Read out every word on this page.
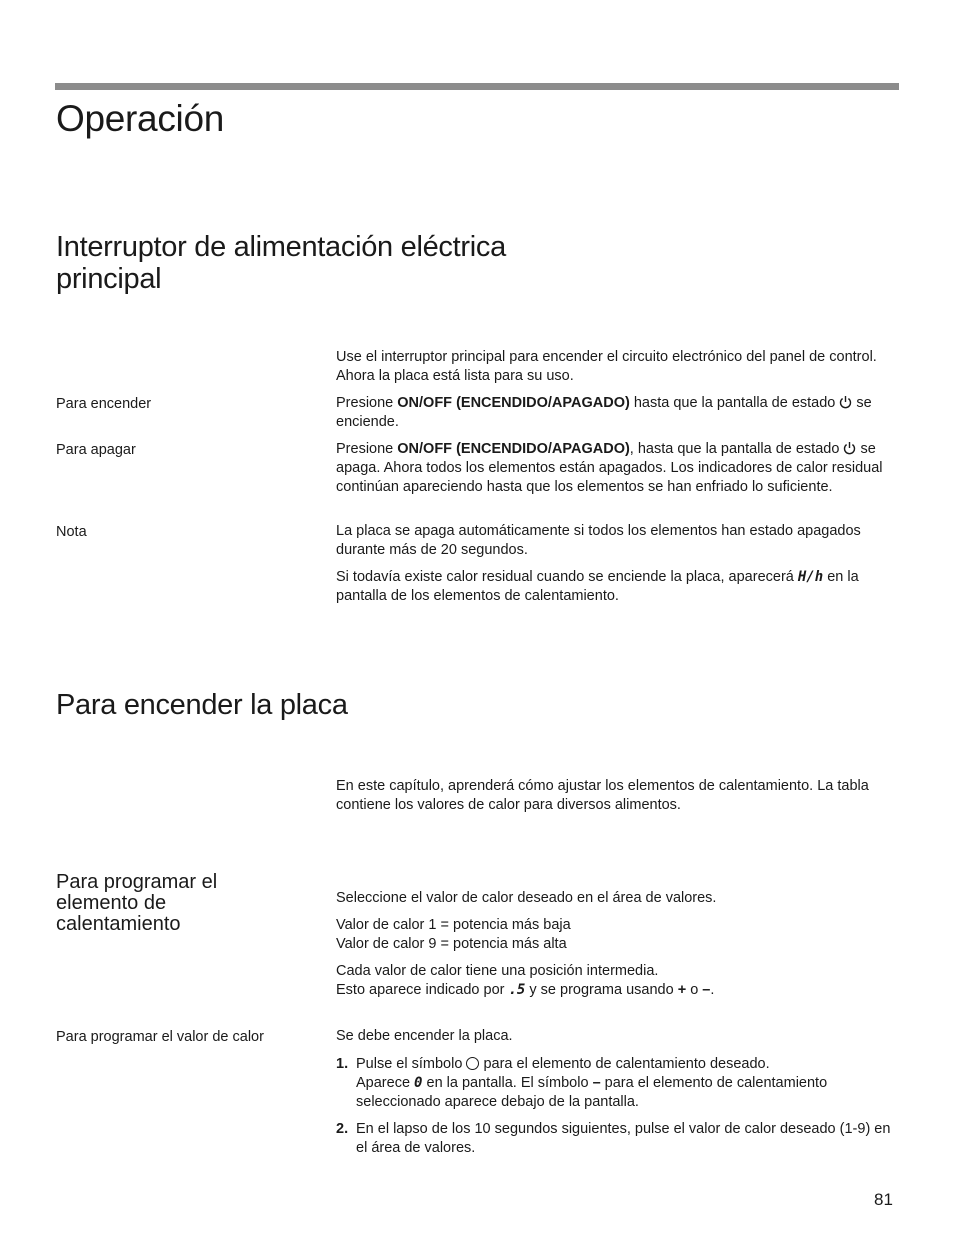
Operación
Interruptor de alimentación eléctrica principal
Use el interruptor principal para encender el circuito electrónico del panel de control. Ahora la placa está lista para su uso.
Para encender	Presione ON/OFF (ENCENDIDO/APAGADO) hasta que la pantalla de estado  se enciende.
Para apagar	Presione ON/OFF (ENCENDIDO/APAGADO), hasta que la pantalla de estado  se apaga. Ahora todos los elementos están apagados. Los indicadores de calor residual continúan apareciendo hasta que los elementos se han enfriado lo suficiente.
Nota	La placa se apaga automáticamente si todos los elementos han estado apagados durante más de 20 segundos.
Si todavía existe calor residual cuando se enciende la placa, aparecerá H/h en la pantalla de los elementos de calentamiento.
Para encender la placa
En este capítulo, aprenderá cómo ajustar los elementos de calentamiento. La tabla contiene los valores de calor para diversos alimentos.
Para programar el elemento de calentamiento
Seleccione el valor de calor deseado en el área de valores.
Valor de calor 1 = potencia más baja
Valor de calor 9 = potencia más alta
Cada valor de calor tiene una posición intermedia.
Esto aparece indicado por .5 y se programa usando + o –.
Para programar el valor de calor	Se debe encender la placa.
1. Pulse el símbolo  para el elemento de calentamiento deseado.
Aparece 0 en la pantalla. El símbolo – para el elemento de calentamiento seleccionado aparece debajo de la pantalla.
2. En el lapso de los 10 segundos siguientes, pulse el valor de calor deseado (1-9) en el área de valores.
81
